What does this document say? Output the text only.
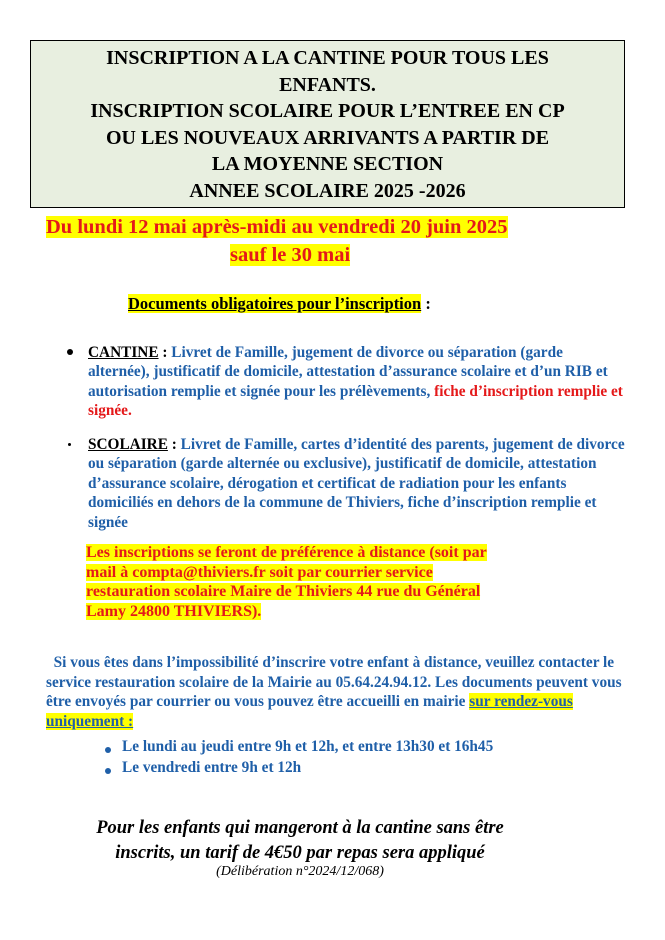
INSCRIPTION A LA CANTINE POUR TOUS LES
ENFANTS.
INSCRIPTION SCOLAIRE POUR L’ENTREE EN CP
OU LES NOUVEAUX ARRIVANTS A PARTIR DE
LA MOYENNE SECTION
ANNEE SCOLAIRE 2025 -2026
Du lundi 12 mai après-midi au vendredi 20 juin 2025
sauf le 30 mai
Documents obligatoires pour l’inscription :
CANTINE : Livret de Famille, jugement de divorce ou séparation (garde alternée), justificatif de domicile, attestation d’assurance scolaire et d’un RIB et autorisation remplie et signée pour les prélèvements, fiche d’inscription remplie et signée.
SCOLAIRE : Livret de Famille, cartes d’identité des parents, jugement de divorce ou séparation (garde alternée ou exclusive), justificatif de domicile, attestation d’assurance scolaire, dérogation et certificat de radiation pour les enfants domiciliés en dehors de la commune de Thiviers, fiche d’inscription remplie et signée
Les inscriptions se feront de préférence à distance (soit par
mail à compta@thiviers.fr soit par courrier service
restauration scolaire Maire de Thiviers 44 rue du Général
Lamy 24800 THIVIERS).
Si vous êtes dans l’impossibilité d’inscrire votre enfant à distance, veuillez contacter le service restauration scolaire de la Mairie au 05.64.24.94.12. Les documents peuvent vous être envoyés par courrier ou vous pouvez être accueilli en mairie sur rendez-vous uniquement :
Le lundi au jeudi entre 9h et 12h, et entre 13h30 et 16h45
Le vendredi entre 9h et 12h
Pour les enfants qui mangeront à la cantine sans être
inscrits, un tarif de 4€50 par repas sera appliqué
(Délibération n°2024/12/068)
